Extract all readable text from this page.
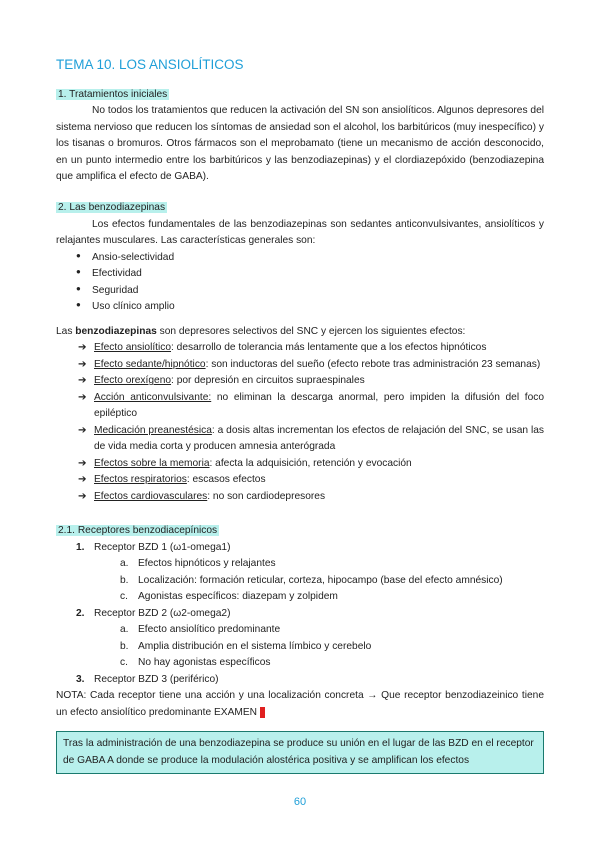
TEMA 10. LOS ANSIOLÍTICOS
1. Tratamientos iniciales

No todos los tratamientos que reducen la activación del SN son ansiolíticos. Algunos depresores del sistema nervioso que reducen los síntomas de ansiedad son el alcohol, los barbitúricos (muy inespecífico) y los tisanas o bromuros. Otros fármacos son el meprobamato (tiene un mecanismo de acción desconocido, en un punto intermedio entre los barbitúricos y las benzodiazepinas) y el clordiazepóxido (benzodiazepina que amplifica el efecto de GABA).

2. Las benzodiazepinas

Los efectos fundamentales de las benzodiazepinas son sedantes anticonvulsivantes, ansiolíticos y relajantes musculares. Las características generales son:

● Ansio-selectividad
● Efectividad
● Seguridad
● Uso clínico amplio

Las benzodiazepinas son depresores selectivos del SNC y ejercen los siguientes efectos:

➔ Efecto ansiolítico: desarrollo de tolerancia más lentamente que a los efectos hipnóticos
➔ Efecto sedante/hipnótico: son inductoras del sueño (efecto rebote tras administración 23 semanas)
➔ Efecto orexígeno: por depresión en circuitos supraespinales
➔ Acción anticonvulsivante: no eliminan la descarga anormal, pero impiden la difusión del foco epiléptico
➔ Medicación preanestésica: a dosis altas incrementan los efectos de relajación del SNC, se usan las de vida media corta y producen amnesia anterógrada
➔ Efectos sobre la memoria: afecta la adquisición, retención y evocación
➔ Efectos respiratorios: escasos efectos
➔ Efectos cardiovasculares: no son cardiodepresores
2.1. Receptores benzodiacepínicos
1. Receptor BZD 1 (ω1-omega1)
a. Efectos hipnóticos y relajantes
b. Localización: formación reticular, corteza, hipocampo (base del efecto amnésico)
c. Agonistas específicos: diazepam y zolpidem
2. Receptor BZD 2 (ω2-omega2)
a. Efecto ansiolítico predominante
b. Amplia distribución en el sistema límbico y cerebelo
c. No hay agonistas específicos
3. Receptor BZD 3 (periférico)

NOTA: Cada receptor tiene una acción y una localización concreta → Que receptor benzodiazeinico tiene un efecto ansiolítico predominante EXAMEN |

Tras la administración de una benzodiazepina se produce su unión en el lugar de las BZD en el receptor de GABA A donde se produce la modulación alostérica positiva y se amplifican los efectos
60
